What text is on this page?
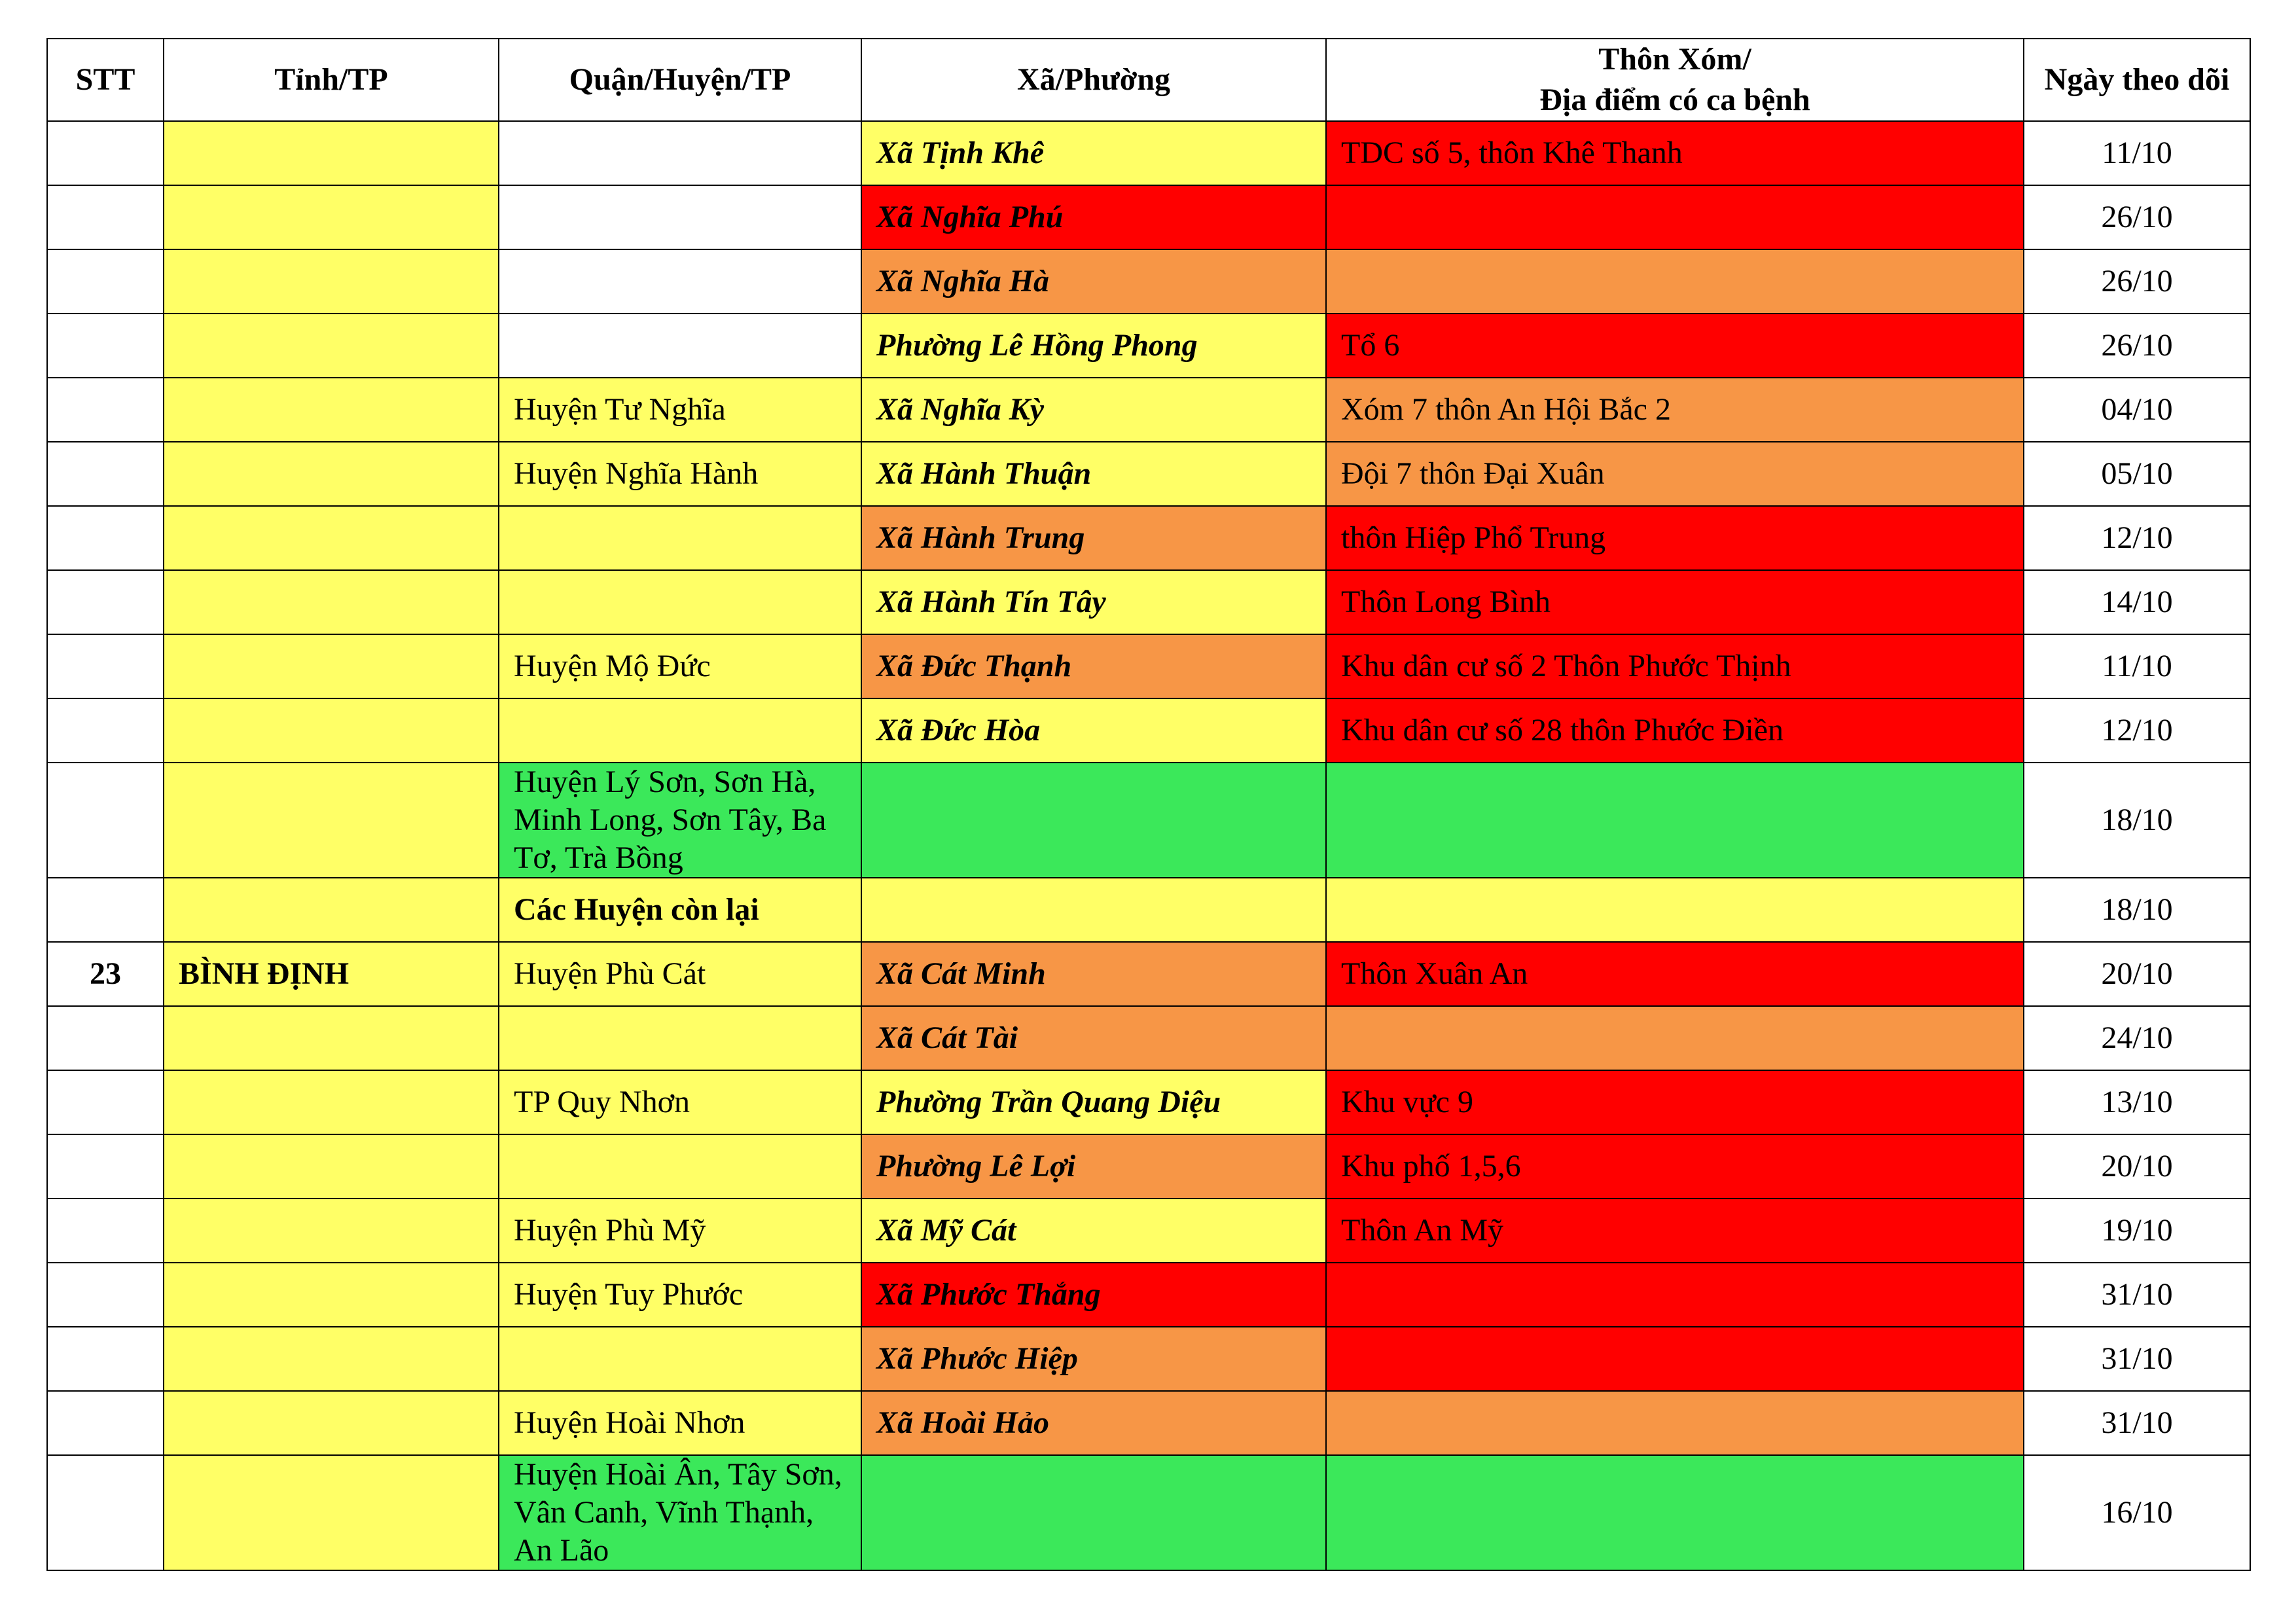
STT	Tỉnh/TP	Quận/Huyện/TP	Xã/Phường	Thôn Xóm/
Địa điểm có ca bệnh	Ngày theo dõi
			Xã Tịnh Khê	TDC số 5, thôn Khê Thanh	11/10
			Xã Nghĩa Phú		26/10
			Xã Nghĩa Hà		26/10
			Phường Lê Hồng Phong	Tổ 6	26/10
		Huyện Tư Nghĩa	Xã Nghĩa Kỳ	Xóm 7 thôn An Hội Bắc 2	04/10
		Huyện Nghĩa Hành	Xã Hành Thuận	Đội 7 thôn Đại Xuân	05/10
			Xã Hành Trung	thôn Hiệp Phổ Trung	12/10
			Xã Hành Tín Tây	Thôn Long Bình	14/10
		Huyện Mộ Đức	Xã Đức Thạnh	Khu dân cư số 2 Thôn Phước Thịnh	11/10
			Xã Đức Hòa	Khu dân cư số 28 thôn Phước Điền	12/10
		Huyện Lý Sơn, Sơn Hà, Minh Long, Sơn Tây, Ba Tơ, Trà Bồng			18/10
		Các Huyện còn lại			18/10
23	BÌNH ĐỊNH	Huyện Phù Cát	Xã Cát Minh	Thôn Xuân An	20/10
			Xã Cát Tài		24/10
		TP Quy Nhơn	Phường Trần Quang Diệu	Khu vực 9	13/10
			Phường Lê Lợi	Khu phố 1,5,6	20/10
		Huyện Phù Mỹ	Xã Mỹ Cát	Thôn An Mỹ	19/10
		Huyện Tuy Phước	Xã Phước Thắng		31/10
			Xã Phước Hiệp		31/10
		Huyện Hoài Nhơn	Xã Hoài Hảo		31/10
		Huyện Hoài Ân, Tây Sơn, Vân Canh, Vĩnh Thạnh, An Lão			16/10
